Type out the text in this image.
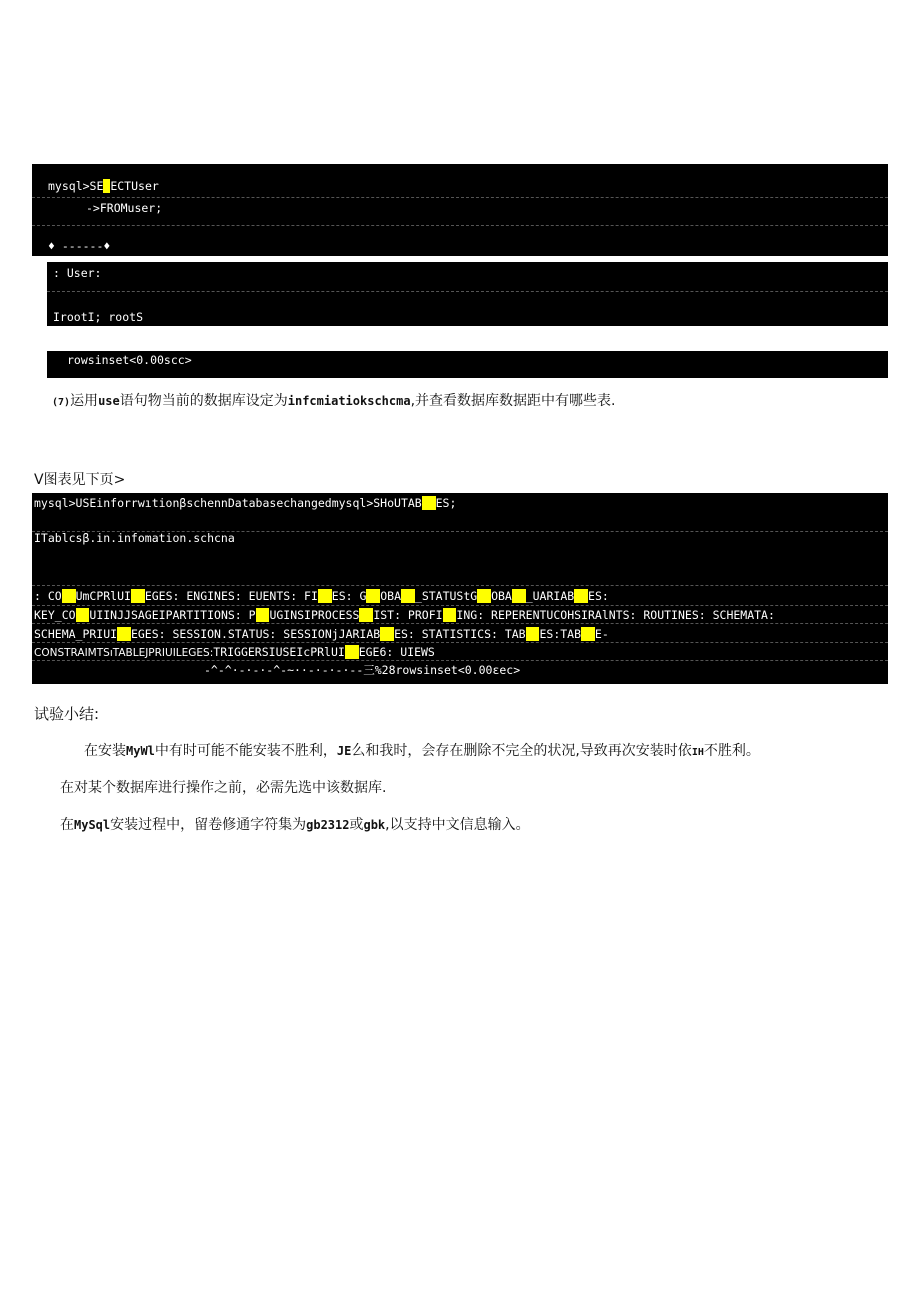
mysql>SELECTUser
->FROMuser;
♦ ------♦
: User:
IrootI; rootS
rowsinset<0.00scc>
(7)运用use语句物当前的数据库设定为infcmiatiokschcma,并查看数据库数据距中有哪些表.
V图表见下页>
mysql>USEinforrwıtionβschennDatabasechangedmysql>SHoUTABLEES;
ITablcsβ.in.infomation.schcna
: COLLUmCPRlUILLEGES: ENGINES: EUENTS: FILEES: GLOOBALL_STATUStGLOOBALL_UARIABLEES:
KEY_COLUUIINJJSAGEIPARTITIONS: PLUUGINSIPROCESSLIIST: PROFILLING: REPERENTUCOHSIRAlNTS: ROUTINES: SCHEMATA:
SCHEMA_PRIUILLEGES: SESSION.STATUS: SESSIONjJARIABLEES: STATISTICS: TABLEES:TABLEE-
CONSTRAIMTSıTABLEJPRIUILEGES:TRIGGERSIUSEIcPRlUILLEGE6: UIEWS
-^-^·-·-·-^-~··-·-·-·--三%28rowsinset<0.00εec>
试验小结:
在安装MyWl中有时可能不能安装不胜利，JE么和我时，会存在删除不完全的状况,导致再次安装时依IH不胜利。
在对某个数据库进行操作之前，必需先选中该数据库.
在MySql安装过程中，留卷修通字符集为gb2312或gbk,以支持中文信息输入。
